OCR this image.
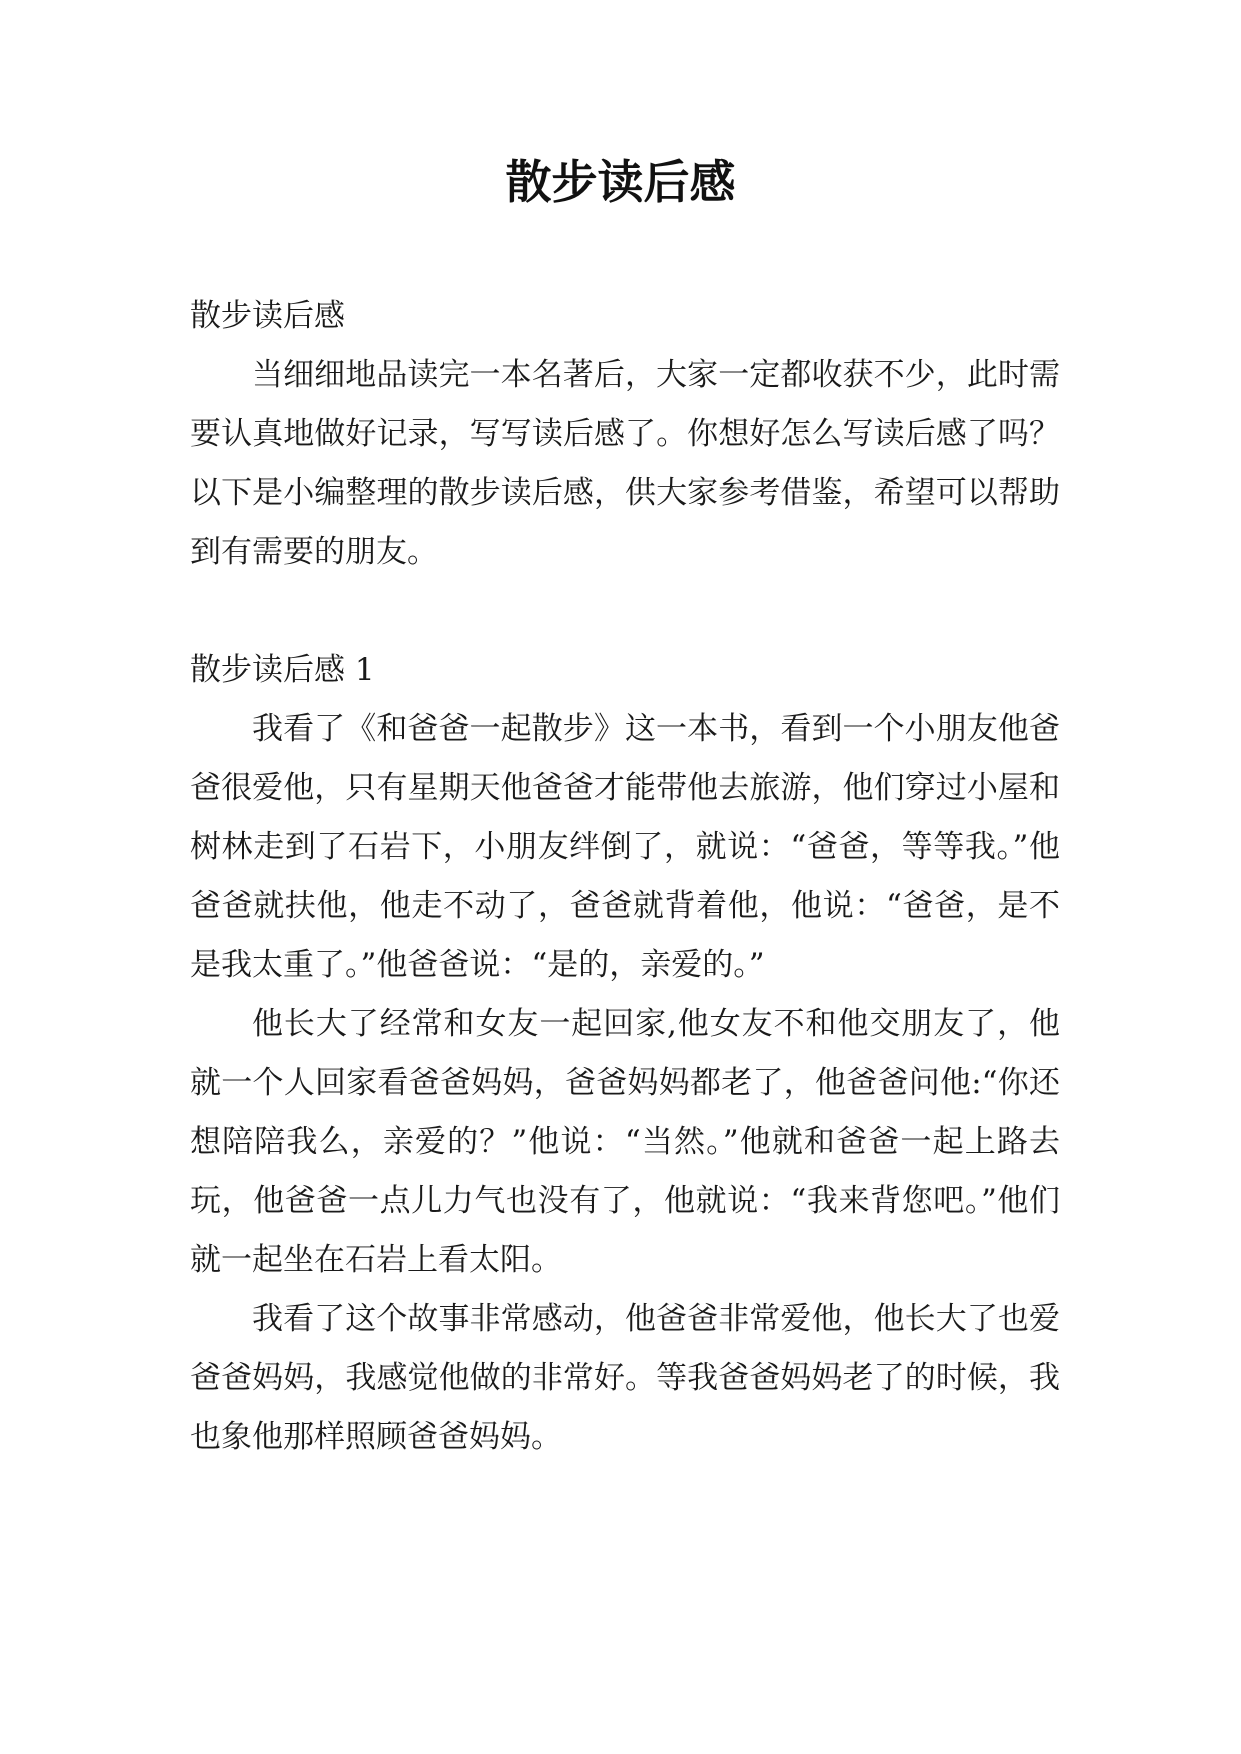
散步读后感

散步读后感

当细细地品读完一本名著后，大家一定都收获不少，此时需要认真地做好记录，写写读后感了。你想好怎么写读后感了吗？以下是小编整理的散步读后感，供大家参考借鉴，希望可以帮助到有需要的朋友。

散步读后感 1

我看了《和爸爸一起散步》这一本书，看到一个小朋友他爸爸很爱他，只有星期天他爸爸才能带他去旅游，他们穿过小屋和树林走到了石岩下，小朋友绊倒了，就说：“爸爸，等等我。”他爸爸就扶他，他走不动了，爸爸就背着他，他说：“爸爸，是不是我太重了。”他爸爸说：“是的，亲爱的。”

他长大了经常和女友一起回家,他女友不和他交朋友了，他就一个人回家看爸爸妈妈，爸爸妈妈都老了，他爸爸问他:“你还想陪陪我么，亲爱的？”他说：“当然。”他就和爸爸一起上路去玩，他爸爸一点儿力气也没有了，他就说：“我来背您吧。”他们就一起坐在石岩上看太阳。

我看了这个故事非常感动，他爸爸非常爱他，他长大了也爱爸爸妈妈，我感觉他做的非常好。等我爸爸妈妈老了的时候，我也象他那样照顾爸爸妈妈。
